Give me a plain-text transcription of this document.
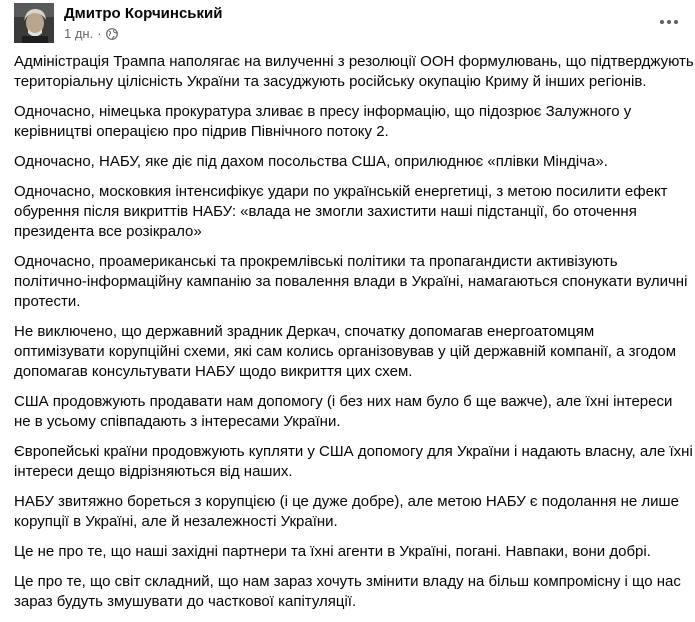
Дмитро Корчинський
1 дн. ·
Адміністрація Трампа наполягає на вилученні з резолюції ООН формулювань, що підтверджують
територіальну цілісність України та засуджують російську окупацію Криму й інших регіонів.
Одночасно, німецька прокуратура зливає в пресу інформацію, що підозрює Залужного у
керівництві операцією про підрив Північного потоку 2.
Одночасно, НАБУ, яке діє під дахом посольства США, оприлюднює «плівки Міндіча».
Одночасно, московкия інтенсифікує удари по українській енергетиці, з метою посилити ефект
обурення після викриттів НАБУ: «влада не змогли захистити наші підстанції, бо оточення
президента все розікрало»
Одночасно, проамериканські та прокремлівські політики та пропагандисти активізують
політично-інформаційну кампанію за повалення влади в Україні, намагаються спонукати вуличні
протести.
Не виключено, що державний зрадник Деркач, спочатку допомагав енергоатомцям
оптимізувати корупційні схеми, які сам колись організовував у цій державній компанії, а згодом
допомагав консультувати НАБУ щодо викриття цих схем.
США продовжують продавати нам допомогу (і без них нам було б ще важче), але їхні інтереси
не в усьому співпадають з інтересами України.
Європейські країни продовжують купляти у США допомогу для України і надають власну, але їхні
інтереси дещо відрізняються від наших.
НАБУ звитяжно бореться з корупцією (і це дуже добре), але метою НАБУ є подолання не лише
корупції в Україні, але й незалежності України.
Це не про те, що наші західні партнери та їхні агенти в Україні, погані. Навпаки, вони добрі.
Це про те, що світ складний, що нам зараз хочуть змінити владу на більш компромісну і що нас
зараз будуть змушувати до часткової капітуляції.
